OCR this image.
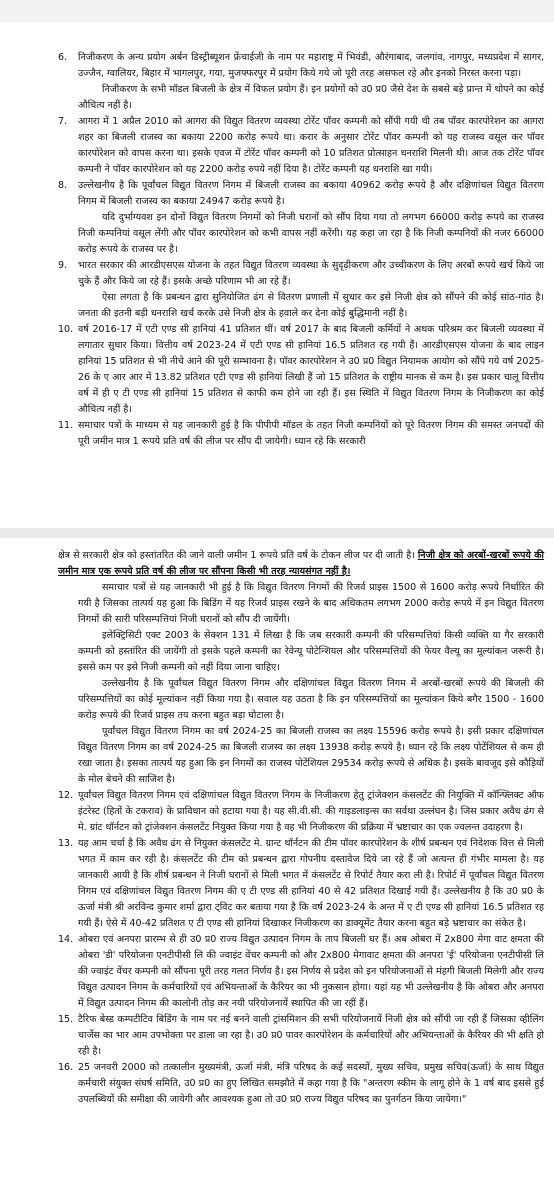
6.	निजीकरण के अन्य प्रयोग अर्बन डिस्ट्रीब्यूशन फ्रेंचाईजी के नाम पर महाराष्ट्र में भिवंडी, औरंगाबाद, जलगांव, नागपुर, मध्यप्रदेश में सागर, उज्जैन, ग्वालियर, बिहार में भागलपुर, गया, मुजफ्फरपुर में प्रयोग किये गये जो पूरी तरह असफल रहे और इनको निरस्त करना पड़ा।
निजीकरण के सभी मॉडल बिजली के क्षेत्र में विफल प्रयोग हैं। इन प्रयोगों को उ0 प्र0 जैसे देश के सबसे बड़े प्रान्त में थोपने का कोई औचित्य नहीं है।
7.	आगरा में 1 अप्रैल 2010 को आगरा की विद्युत वितरण व्यवस्था टोरेंट पॉवर कम्पनी को सौंपी गयी थी तब पॉवर कारपोरेशन का आगरा शहर का बिजली राजस्व का बकाया 2200 करोड़ रूपये था। करार के अनुसार टोरेंट पॉवर कम्पनी को यह राजस्व वसूल कर पॉवर कारपोरेशन को वापस करना था। इसके एवज में टोरेंट पॉवर कम्पनी को 10 प्रतिशत प्रोत्साहन धनराशि मिलनी थी। आज तक टोरेंट पॉवर कम्पनी ने पॉवर कारपोरेशन को यह 2200 करोड़ रुपये नहीं दिया है। टोरेंट कम्पनी यह धनराशि खा गयी।
8.	उल्लेखनीय है कि पूर्वांचल विद्युत वितरण निगम में बिजली राजस्व का बकाया 40962 करोड़ रूपये है और दक्षिणांचल विद्युत वितरण निगम में बिजली राजस्व का बकाया 24947 करोड़ रूपये है।
यदि दुर्भाग्यवश इन दोनों विद्युत वितरण निगमों को निजी घरानों को सौंप दिया गया तो लगभग 66000 करोड़ रूपये का राजस्व निजी कम्पनियां वसूल लेंगी और पॉवर कारपोरेशन को कभी वापस नहीं करेंगी। यह कहा जा रहा है कि निजी कम्पनियों की नजर 66000 करोड़ रूपये के राजस्व पर है।
9.	भारत सरकार की आरडीएसएस योजना के तहत विद्युत वितरण व्यवस्था के सुदृढ़ीकरण और उच्चीकरण के लिए अरबों रूपये खर्च किये जा चुके हैं और किये जा रहे हैं। इसके अच्छे परिणाम भी आ रहे हैं।
ऐसा लगता है कि प्रबन्धन द्वारा सुनियोजित ढंग से वितरण प्रणाली में सुधार कर इसे निजी क्षेत्र को सौंपने की कोई सांठ-गांठ है। जनता की इतनी बड़ी धनराशि खर्च करके उसे निजी क्षेत्र के हवाले कर देना कोई बुद्धिमानी नहीं है।
10. वर्ष 2016-17 में एटी एण्ड सी हानियां 41 प्रतिशत थीं। वर्ष 2017 के बाद बिजली कर्मियों ने अथक परिश्रम कर बिजली व्यवस्था में लगातार सुधार किया। वित्तीय वर्ष 2023-24 में एटी एण्ड सी हानियां 16.5 प्रतिशत रह गयी हैं। आरडीएसएस योजना के बाद लाइन हानियां 15 प्रतिशत से भी नीचे आने की पूरी सम्भावना है। पॉवर कारपोरेशन ने उ0 प्र0 विद्युत नियामक आयोग को सौंपे गये वर्ष 2025-26 के ए आर आर में 13.82 प्रतिशत एटी एण्ड सी हानियां लिखी हैं जो 15 प्रतिशत के राष्ट्रीय मानक से कम है। इस प्रकार चालू वित्तीय वर्ष में ही ए टी एण्ड सी हानियां 15 प्रतिशत से काफी कम होने जा रही हैं। इस स्थिति में विद्युत वितरण निगम के निजीकरण का कोई औचित्य नहीं है।
11. समाचार पत्रों के माध्यम से यह जानकारी हुई है कि पीपीपी मॉडल के तहत निजी कम्पनियों को पूरे वितरण निगम की समस्त जनपदों की पूरी जमीन मात्र 1 रूपये प्रति वर्ष की लीज पर सौंप दी जायेगी। ध्यान रहे कि सरकारी
क्षेत्र से सरकारी क्षेत्र को हस्तांतरित की जाने वाली जमीन 1 रूपये प्रति वर्ष के टोकन लीज पर दी जाती है। निजी क्षेत्र को अरबों-खरबों रूपये की जमीन मात्र एक रूपये प्रति वर्ष की लीज पर सौंपना किसी भी तरह न्यायसंगत नहीं है।
समाचार पत्रों से यह जानकारी भी हुई है कि विद्युत वितरण निगमों की रिजर्व प्राइस 1500 से 1600 करोड़ रूपये निर्धारित की गयी है जिसका तात्पर्य यह हुआ कि बिडिंग में यह रिजर्व प्राइस रखने के बाद अधिकतम लगभग 2000 करोड़ रूपये में इन विद्युत वितरण निगमों की सारी परिसम्पत्तियां निजी घरानों को सौंप दी जायेंगी।
इलेक्ट्रिसिटी एक्ट 2003 के सेक्शन 131 में लिखा है कि जब सरकारी कम्पनी की परिसम्पत्तियां किसी व्यक्ति या गैर सरकारी कम्पनी को हस्तांरित की जायेंगी तो इसके पहले कम्पनी का रेवेन्यू पोटेन्शियल और परिसम्पत्तियों की फेयर वैल्यू का मूल्यांकन जरूरी है। इससे कम पर इसे निजी कम्पनी को नहीं दिया जाना चाहिए।
उल्लेखनीय है कि पूर्वांचल विद्युत वितरण निगम और दक्षिणांचल विद्युत वितरण निगम में अरबों-खरबों रूपये की बिजली की परिसम्पत्तियों का कोई मूल्यांकन नहीं किया गया है। सवाल यह उठता है कि इन परिसम्पत्तियों का मूल्यांकन किये बगैर 1500 - 1600 करोड़ रूपये की रिजर्व प्राइस तय करना बहुत बड़ा घोटाला है।
पूर्वांचल विद्युत वितरण निगम का वर्ष 2024-25 का बिजली राजस्व का लक्ष्य 15596 करोड़ रूपये है। इसी प्रकार दक्षिणांचल विद्युत वितरण निगम का वर्ष 2024-25 का बिजली राजस्व का लक्ष्य 13938 करोड़ रूपये है। ध्यान रहे कि लक्ष्य पोटेंशियल से कम ही रखा जाता है। इसका तात्पर्य यह हुआ कि इन निगमों का राजस्व पोटेंशियल 29534 करोड़ रूपये से अधिक है। इसके बावजूद इसे कौड़ियों के मोल बेचने की साजिश है।
12. पूर्वांचल विद्युत वितरण निगम एवं दक्षिणांचल विद्युत वितरण निगम के निजीकरण हेतु ट्रांजेक्शन कंसलटेंट की नियुक्ति में कॉन्फ्लिक्ट ऑफ इंटरेस्ट (हितों के टकराव) के प्राविधान को हटाया गया है। यह सी.वी.सी. की गाइडलाइन्स का सर्वथा उल्लंघन है। जिस प्रकार अवैध ढंग से मे. ग्रांट थॉर्नटन को ट्रांजेक्शन कंसलटेंट नियुक्त किया गया है वह भी निजीकरण की प्रक्रिया में भ्रष्टाचार का एक ज्वलन्त उदाहरण है।
13. यह आम चर्चा है कि अवैध ढंग से नियुक्त कंसलटेंट मे. ग्रान्ट थॉर्नटन की टीम पॉवर कारपोरेशन के शीर्ष प्रबन्धन एवं निदेशक वित्त से मिली भगत में काम कर रही है। कंसलटेंट की टीम को प्रबन्धन द्वारा गोपनीय दस्तावेज दिये जा रहे हैं जो अत्यन्त ही गंभीर मामला है। यह जानकारी आयी है कि शीर्ष प्रबन्धन ने निजी घरानों से मिली भगत में कंसलटेंट से रिपोर्ट तैयार करा ली है। रिपोर्ट में पूर्वांचल विद्युत वितरण निगम एवं दक्षिणांचल विद्युत वितरण निगम की ए टी एण्ड सी हानियां 40 से 42 प्रतिशत दिखाई गयी हैं। उल्लेखनीय है कि उ0 प्र0 के ऊर्जा मंत्री श्री अरविन्द कुमार शर्मा द्वारा ट्विट कर बताया गया है कि वर्ष 2023-24 के अन्त में ए टी एण्ड सी हानियां 16.5 प्रतिशत रह गयी हैं। ऐसे में 40-42 प्रतिशत ए टी एण्ड सी हानियां दिखाकर निजीकरण का डाक्यूमेंट तैयार करना बहुत बड़े भ्रष्टाचार का संकेत है।
14. ओबरा एवं अनपरा प्रारम्भ से ही उ0 प्र0 राज्य विद्युत उत्पादन निगम के ताप बिजली घर हैं। अब ओबरा में 2x800 मेगा वाट क्षमता की ओबरा 'डी' परियोजना एनटीपीसी लि की ज्वाइंट वेंचर कम्पनी को और 2x800 मेगावाट क्षमता की अनपरा 'ई' परियोजना एनटीपीसी लि की ज्वाइंट वेंचर कम्पनी को सौंपना पूरी तरह गलत निर्णय है। इस निर्णय से प्रदेश को इन परियोजनाओं से मंहगी बिजली मिलेगी और राज्य विद्युत उत्पादन निगम के कर्मचारियों एवं अभियन्ताओं के कैरियर का भी नुकसान होगा। यहां यह भी उल्लेखनीय है कि ओबरा और अनपरा में विद्युत उत्पादन निगम की कालोनी तोड़ कर नयी परियोजनायें स्थापित की जा रहीं हैं।
15. टैरिफ बेस्ड कम्पटीटिव बिडिंग के नाम पर नई बनने वाली ट्रांसमिशन की सभी परियोजनायें निजी क्षेत्र को सौंपी जा रही हैं जिसका व्हीलिंग चार्जेस का भार आम उपभोक्ता पर डाला जा रहा है। उ0 प्र0 पावर कारपोरेशन के कर्मचारियों और अभियन्ताओं के कैरियर की भी क्षति हो रही है।
16. 25 जनवरी 2000 को तत्कालीन मुख्यमंत्री, ऊर्जा मंत्री, मंत्रि परिषद के कई सदस्यों, मुख्य सचिव, प्रमुख सचिव(ऊर्जा) के साथ विद्युत कर्मचारी संयुक्त संघर्ष समिति, उ0 प्र0 का हुए लिखित समझौते में कहा गया है कि "अन्तरण स्कीम के लागू होने के 1 वर्ष बाद इससे हुई उपलब्धियों की समीक्षा की जायेगी और आवश्यक हुआ तो उ0 प्र0 राज्य विद्युत परिषद का पुनर्गठन किया जायेगा।"
